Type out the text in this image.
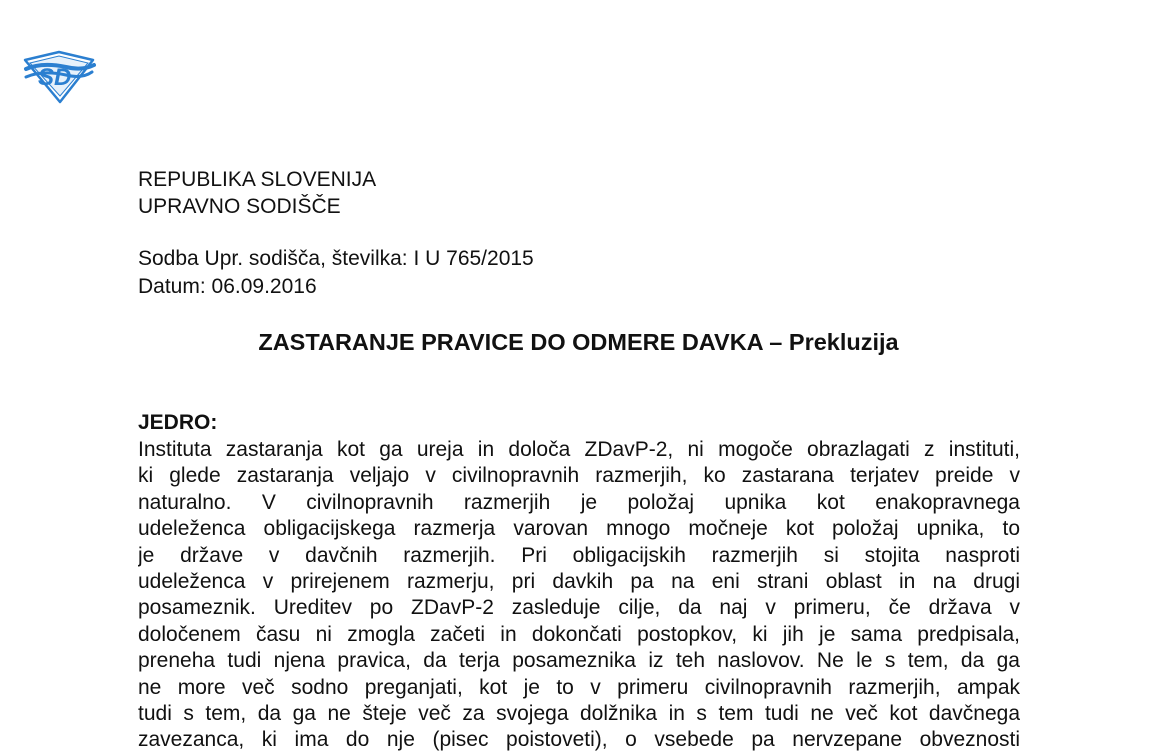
SD
REPUBLIKA SLOVENIJA
UPRAVNO SODIŠČE
Sodba Upr. sodišča, številka: I U 765/2015
Datum: 06.09.2016
ZASTARANJE PRAVICE DO ODMERE DAVKA – Prekluzija
JEDRO:
Instituta zastaranja kot ga ureja in določa ZDavP-2, ni mogoče obrazlagati z instituti,
ki glede zastaranja veljajo v civilnopravnih razmerjih, ko zastarana terjatev preide v
naturalno. V civilnopravnih razmerjih je položaj upnika kot enakopravnega
udeleženca obligacijskega razmerja varovan mnogo močneje kot položaj upnika, to
je države v davčnih razmerjih. Pri obligacijskih razmerjih si stojita nasproti
udeleženca v prirejenem razmerju, pri davkih pa na eni strani oblast in na drugi
posameznik. Ureditev po ZDavP-2 zasleduje cilje, da naj v primeru, če država v
določenem času ni zmogla začeti in dokončati postopkov, ki jih je sama predpisala,
preneha tudi njena pravica, da terja posameznika iz teh naslovov. Ne le s tem, da ga
ne more več sodno preganjati, kot je to v primeru civilnopravnih razmerjih, ampak
tudi s tem, da ga ne šteje več za svojega dolžnika in s tem tudi ne več kot davčnega
zavezanca, ki ima do nje (pisec poistoveti), o vsebede pa nervzepane obveznosti
